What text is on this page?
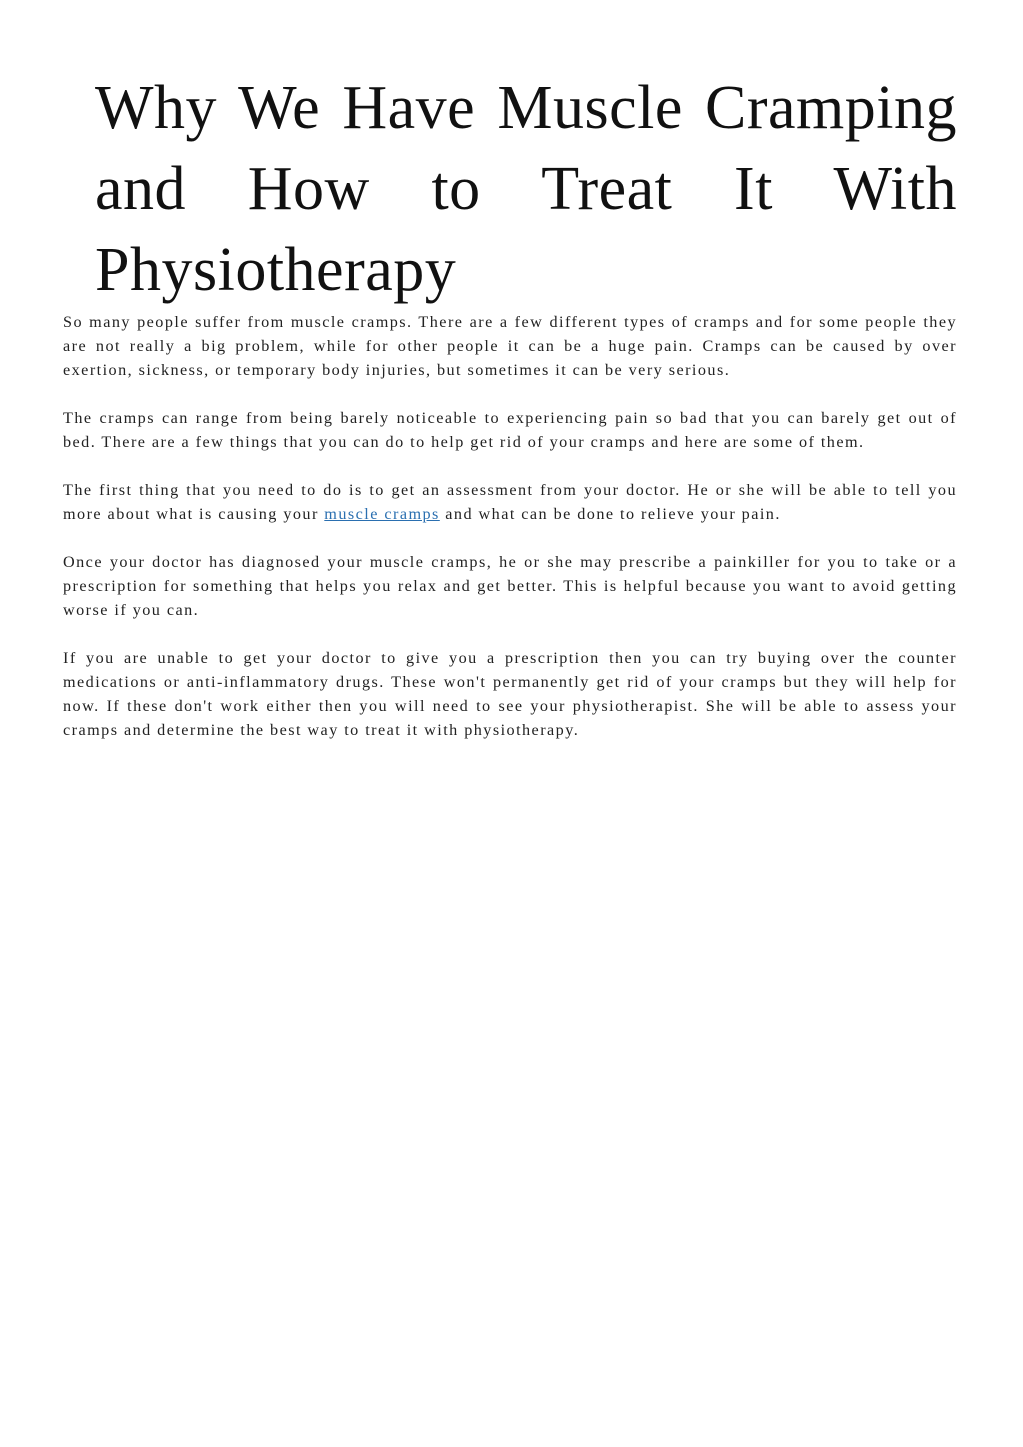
Why We Have Muscle Cramping and How to Treat It With Physiotherapy

So many people suffer from muscle cramps. There are a few different types of cramps and for some people they are not really a big problem, while for other people it can be a huge pain. Cramps can be caused by over exertion, sickness, or temporary body injuries, but sometimes it can be very serious.

The cramps can range from being barely noticeable to experiencing pain so bad that you can barely get out of bed. There are a few things that you can do to help get rid of your cramps and here are some of them.

The first thing that you need to do is to get an assessment from your doctor. He or she will be able to tell you more about what is causing your muscle cramps and what can be done to relieve your pain.

Once your doctor has diagnosed your muscle cramps, he or she may prescribe a painkiller for you to take or a prescription for something that helps you relax and get better. This is helpful because you want to avoid getting worse if you can.

If you are unable to get your doctor to give you a prescription then you can try buying over the counter medications or anti-inflammatory drugs. These won't permanently get rid of your cramps but they will help for now. If these don't work either then you will need to see your physiotherapist. She will be able to assess your cramps and determine the best way to treat it with physiotherapy.
